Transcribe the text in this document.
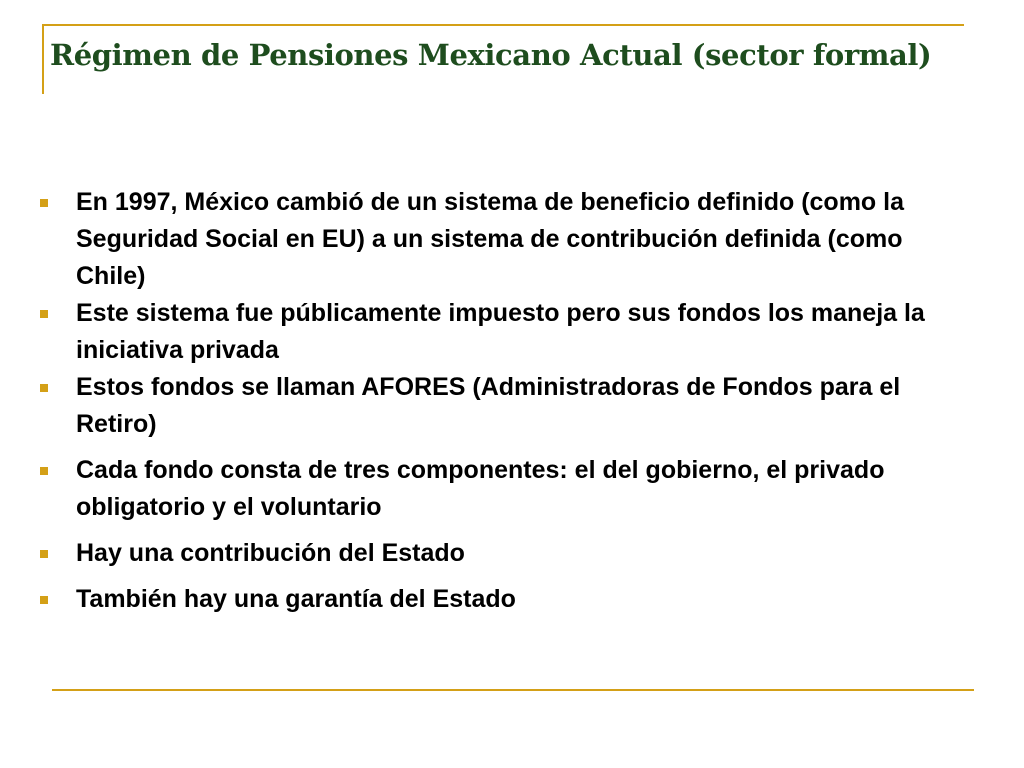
Régimen de Pensiones Mexicano Actual (sector formal)
En 1997, México cambió de un sistema de beneficio definido (como la Seguridad Social en EU) a un sistema de contribución definida (como Chile)
Este sistema fue públicamente impuesto pero sus fondos los maneja la iniciativa privada
Estos fondos se llaman AFORES (Administradoras de Fondos para el Retiro)
Cada fondo consta de tres componentes: el del gobierno, el privado obligatorio y el voluntario
Hay una contribución del Estado
También hay una garantía del Estado
